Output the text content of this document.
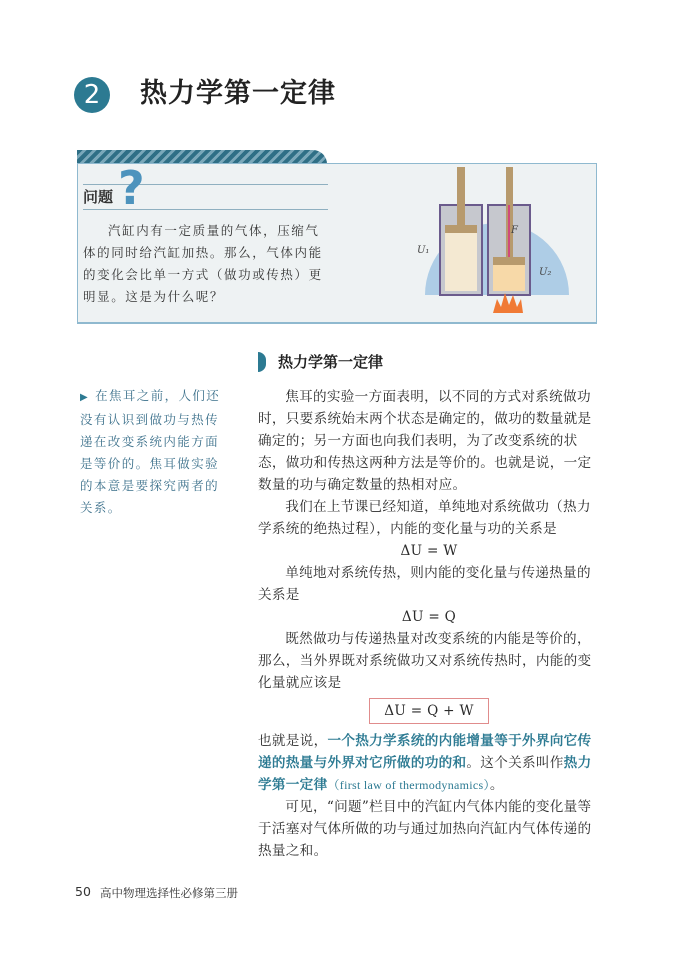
2	热力学第一定律
?
问题
汽缸内有一定质量的气体，压缩气体的同时给汽缸加热。那么，气体内能的变化会比单一方式（做功或传热）更明显。这是为什么呢？
U₁
F
U₂
热力学第一定律
▶ 在焦耳之前，人们还没有认识到做功与热传递在改变系统内能方面是等价的。焦耳做实验的本意是要探究两者的关系。

焦耳的实验一方面表明，以不同的方式对系统做功时，只要系统始末两个状态是确定的，做功的数量就是确定的；另一方面也向我们表明，为了改变系统的状态，做功和传热这两种方法是等价的。也就是说，一定数量的功与确定数量的热相对应。

我们在上节课已经知道，单纯地对系统做功（热力学系统的绝热过程），内能的变化量与功的关系是

ΔU = W

单纯地对系统传热，则内能的变化量与传递热量的关系是

ΔU = Q

既然做功与传递热量对改变系统的内能是等价的，那么，当外界既对系统做功又对系统传热时，内能的变化量就应该是

ΔU = Q + W

也就是说，一个热力学系统的内能增量等于外界向它传递的热量与外界对它所做的功的和。这个关系叫作热力学第一定律（first law of thermodynamics）。

可见，“问题”栏目中的汽缸内气体内能的变化量等于活塞对气体所做的功与通过加热向汽缸内气体传递的热量之和。

50 高中物理选择性必修第三册
